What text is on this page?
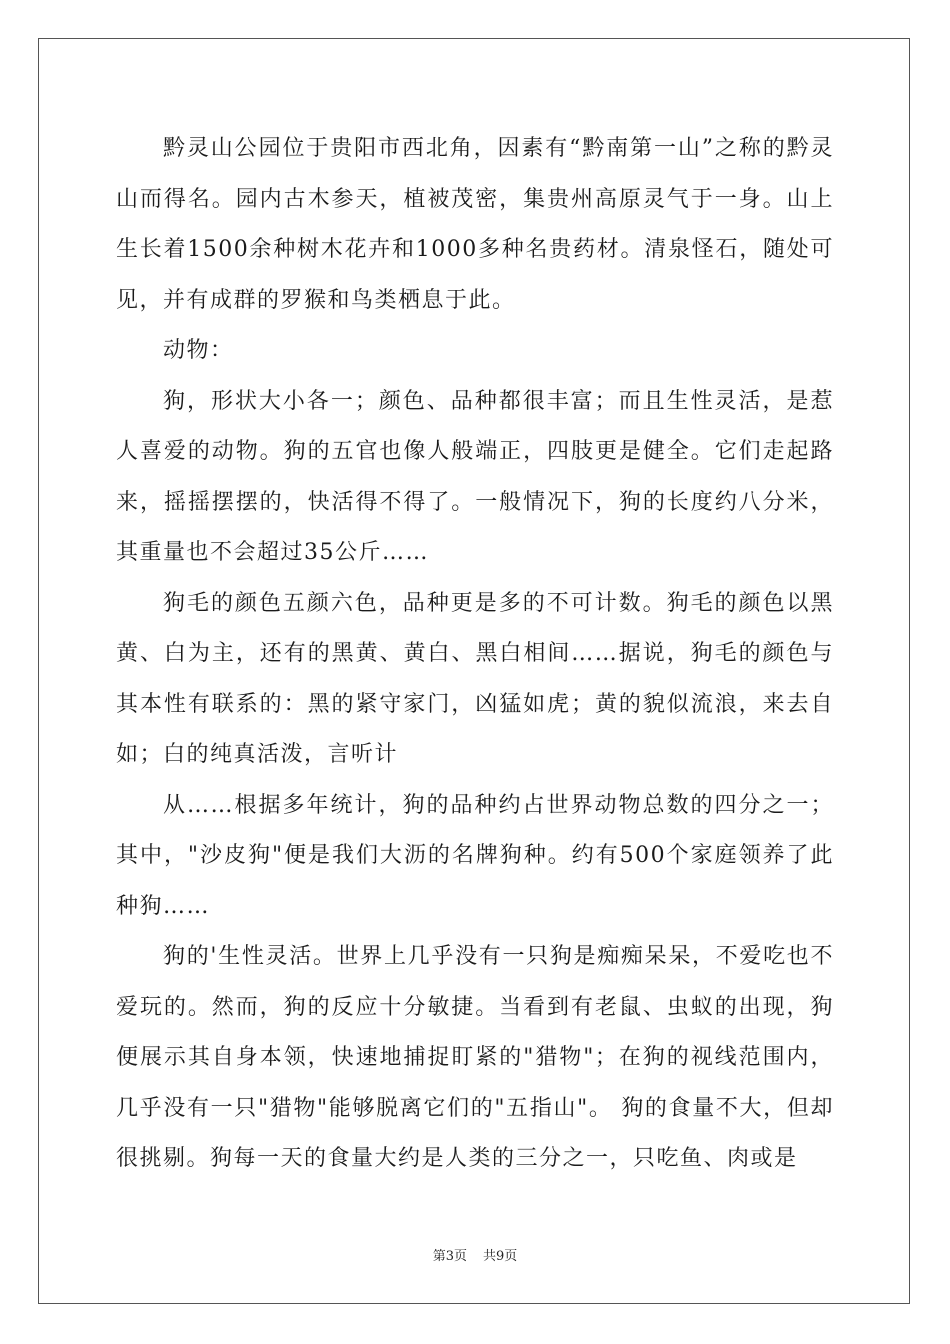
黔灵山公园位于贵阳市西北角，因素有“黔南第一山”之称的黔灵山而得名。园内古木参天，植被茂密，集贵州高原灵气于一身。山上生长着1500余种树木花卉和1000多种名贵药材。清泉怪石，随处可见，并有成群的罗猴和鸟类栖息于此。

动物：

狗，形状大小各一；颜色、品种都很丰富；而且生性灵活，是惹人喜爱的动物。狗的五官也像人般端正，四肢更是健全。它们走起路来，摇摇摆摆的，快活得不得了。一般情况下，狗的长度约八分米，其重量也不会超过35公斤……

狗毛的颜色五颜六色，品种更是多的不可计数。狗毛的颜色以黑黄、白为主，还有的黑黄、黄白、黑白相间……据说，狗毛的颜色与其本性有联系的：黑的紧守家门，凶猛如虎；黄的貌似流浪，来去自如；白的纯真活泼，言听计

从……根据多年统计，狗的品种约占世界动物总数的四分之一；其中，"沙皮狗"便是我们大沥的名牌狗种。约有500个家庭领养了此种狗……

狗的'生性灵活。世界上几乎没有一只狗是痴痴呆呆，不爱吃也不爱玩的。然而，狗的反应十分敏捷。当看到有老鼠、虫蚁的出现，狗便展示其自身本领，快速地捕捉盯紧的"猎物"；在狗的视线范围内，几乎没有一只"猎物"能够脱离它们的"五指山"。 狗的食量不大，但却很挑剔。狗每一天的食量大约是人类的三分之一，只吃鱼、肉或是

第3页 共9页
